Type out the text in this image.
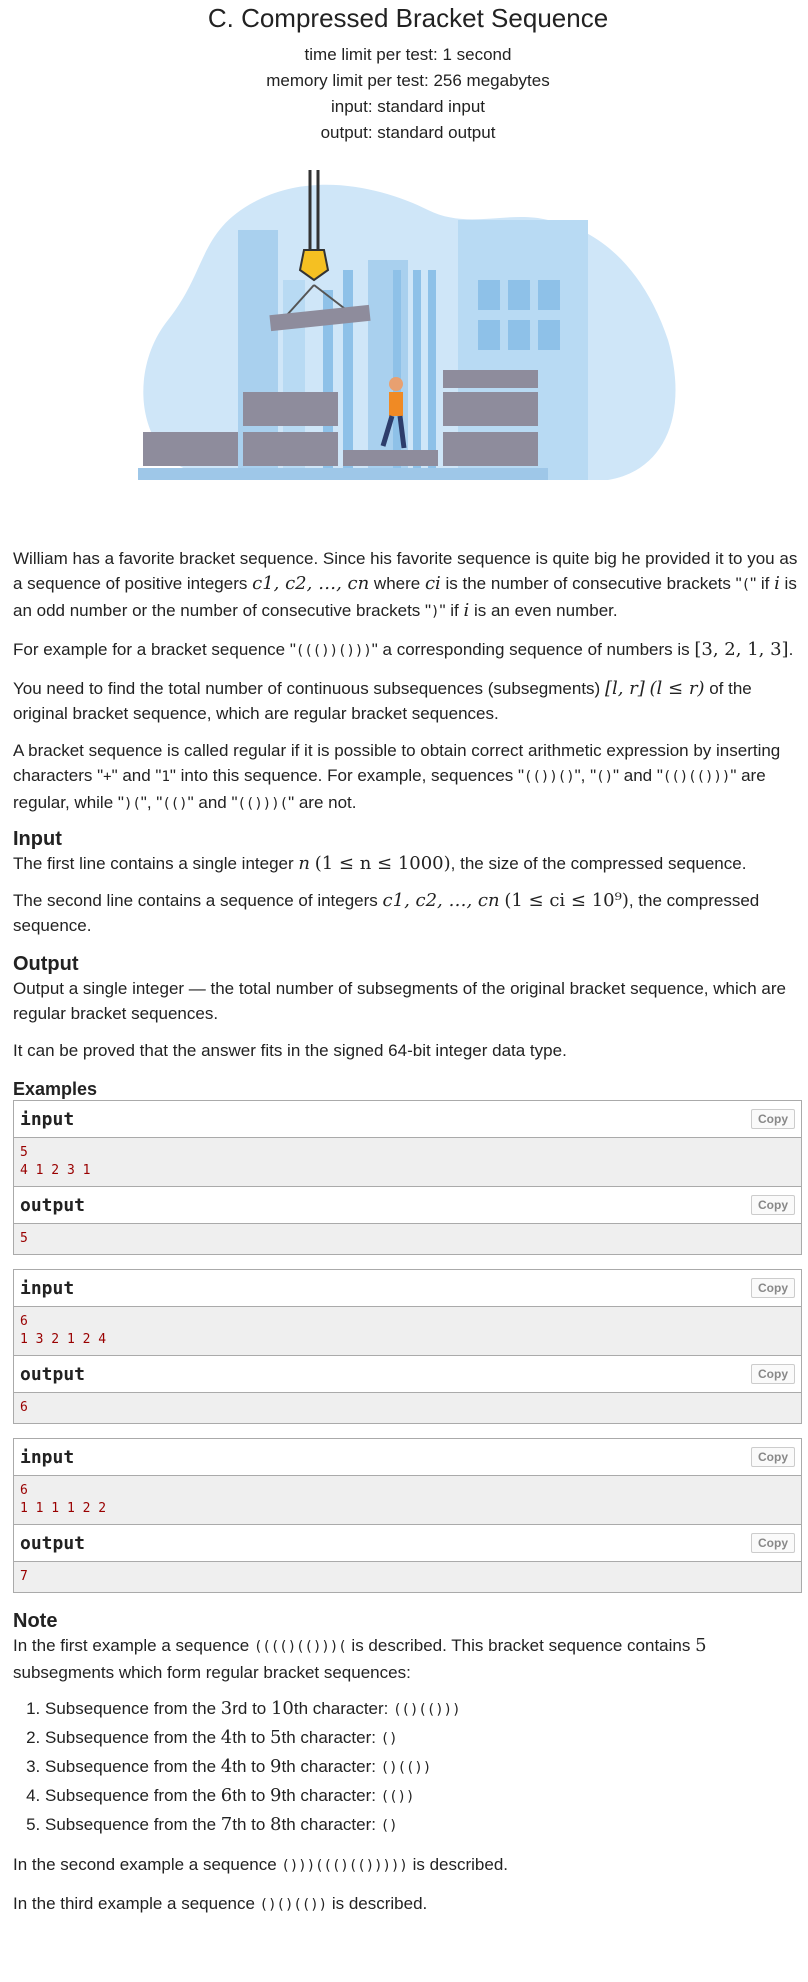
C. Compressed Bracket Sequence
time limit per test: 1 second
memory limit per test: 256 megabytes
input: standard input
output: standard output

William has a favorite bracket sequence. Since his favorite sequence is quite big he provided it to you as a sequence of positive integers c1, c2, …, cn where ci is the number of consecutive brackets "(" if i is an odd number or the number of consecutive brackets ")" if i is an even number.

For example for a bracket sequence "((())()))" a corresponding sequence of numbers is [3, 2, 1, 3].

You need to find the total number of continuous subsequences (subsegments) [l, r] (l ≤ r) of the original bracket sequence, which are regular bracket sequences.

A bracket sequence is called regular if it is possible to obtain correct arithmetic expression by inserting characters "+" and "1" into this sequence. For example, sequences "(())()", "()" and "(()(()))" are regular, while ")(", "(()" and "(()))(" are not.

Input

The first line contains a single integer n (1 ≤ n ≤ 1000), the size of the compressed sequence.

The second line contains a sequence of integers c1, c2, …, cn (1 ≤ ci ≤ 10⁹), the compressed sequence.

Output

Output a single integer — the total number of subsegments of the original bracket sequence, which are regular bracket sequences.

It can be proved that the answer fits in the signed 64-bit integer data type.

Examples
input	Copy
5
4 1 2 3 1
output	Copy
5
input	Copy
6
1 3 2 1 2 4
output	Copy
6
input	Copy
6
1 1 1 1 2 2
output	Copy
7
Note

In the first example a sequence (((()(()))( is described. This bracket sequence contains 5 subsegments which form regular bracket sequences:

1. Subsequence from the 3rd to 10th character: (()(()))
2. Subsequence from the 4th to 5th character: ()
3. Subsequence from the 4th to 9th character: ()(())
4. Subsequence from the 6th to 9th character: (())
5. Subsequence from the 7th to 8th character: ()

In the second example a sequence ()))((()(())))) is described.

In the third example a sequence ()()(()) is described.
